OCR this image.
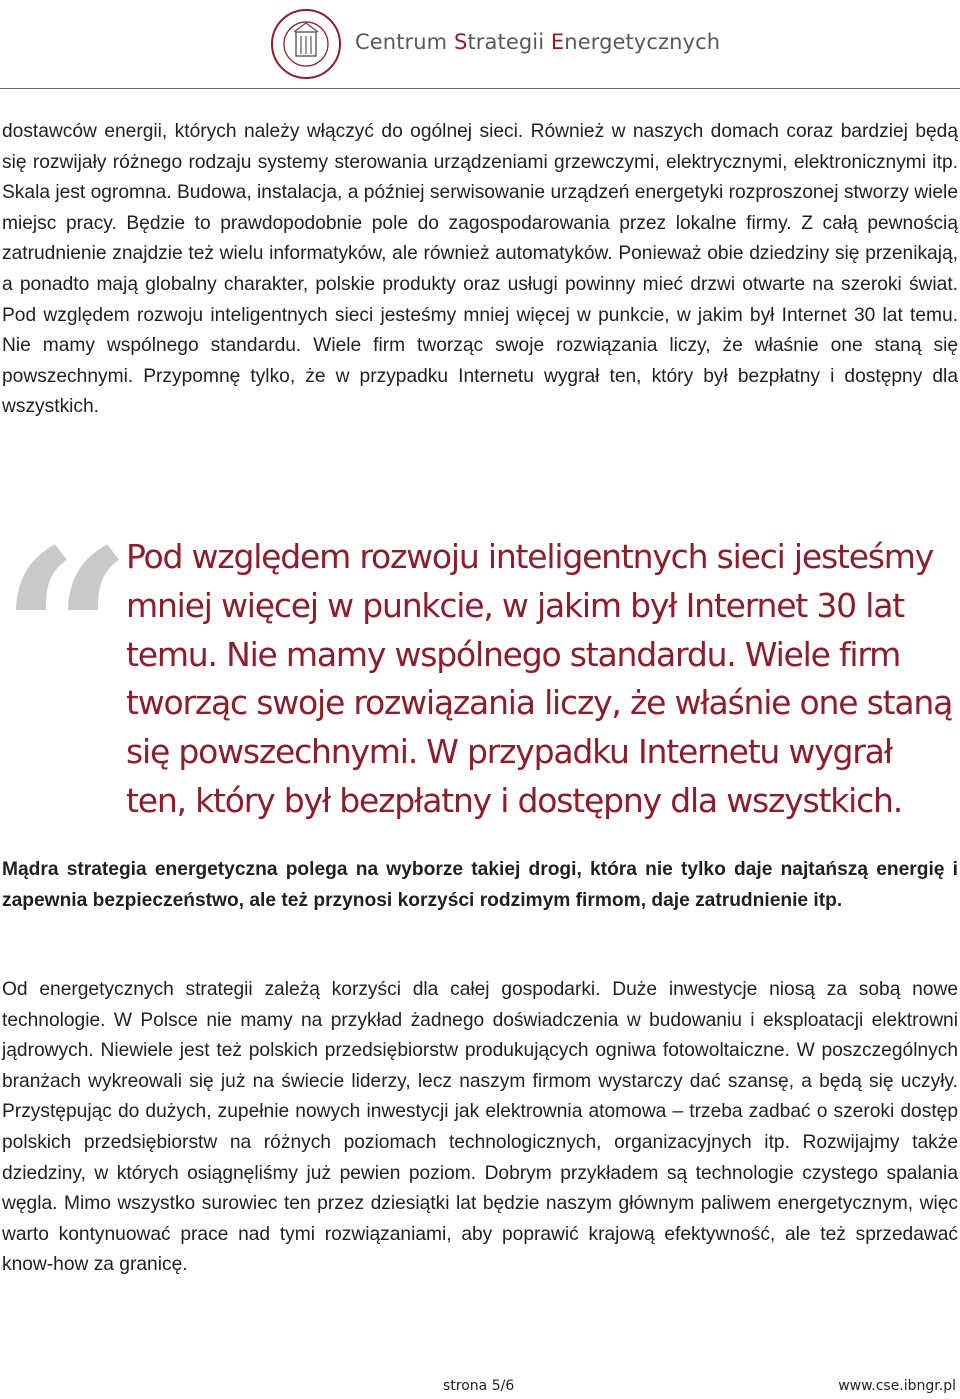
Centrum Strategii Energetycznych

dostawców energii, których należy włączyć do ogólnej sieci. Również w naszych domach coraz bardziej będą się rozwijały różnego rodzaju systemy sterowania urządzeniami grzewczymi, elektrycznymi, elektronicznymi itp. Skala jest ogromna. Budowa, instalacja, a później serwisowanie urządzeń energetyki rozproszonej stworzy wiele miejsc pracy. Będzie to prawdopodobnie pole do zagospodarowania przez lokalne firmy. Z całą pewnością zatrudnienie znajdzie też wielu informatyków, ale również automatyków. Ponieważ obie dziedziny się przenikają, a ponadto mają globalny charakter, polskie produkty oraz usługi powinny mieć drzwi otwarte na szeroki świat. Pod względem rozwoju inteligentnych sieci jesteśmy mniej więcej w punkcie, w jakim był Internet 30 lat temu. Nie mamy wspólnego standardu. Wiele firm tworząc swoje rozwiązania liczy, że właśnie one staną się powszechnymi. Przypomnę tylko, że w przypadku Internetu wygrał ten, który był bezpłatny i dostępny dla wszystkich.

“

Pod względem rozwoju inteligentnych sieci jesteśmy mniej więcej w punkcie, w jakim był Internet 30 lat temu. Nie mamy wspólnego standardu. Wiele firm tworząc swoje rozwiązania liczy, że właśnie one staną się powszechnymi. W przypadku Internetu wygrał ten, który był bezpłatny i dostępny dla wszystkich.

Mądra strategia energetyczna polega na wyborze takiej drogi, która nie tylko daje najtańszą energię i zapewnia bezpieczeństwo, ale też przynosi korzyści rodzimym firmom, daje zatrudnienie itp.

Od energetycznych strategii zależą korzyści dla całej gospodarki. Duże inwestycje niosą za sobą nowe technologie. W Polsce nie mamy na przykład żadnego doświadczenia w budowaniu i eksploatacji elektrowni jądrowych. Niewiele jest też polskich przedsiębiorstw produkujących ogniwa fotowoltaiczne. W poszczególnych branżach wykreowali się już na świecie liderzy, lecz naszym firmom wystarczy dać szansę, a będą się uczyły. Przystępując do dużych, zupełnie nowych inwestycji jak elektrownia atomowa – trzeba zadbać o szeroki dostęp polskich przedsiębiorstw na różnych poziomach technologicznych, organizacyjnych itp. Rozwijajmy także dziedziny, w których osiągnęliśmy już pewien poziom. Dobrym przykładem są technologie czystego spalania węgla. Mimo wszystko surowiec ten przez dziesiątki lat będzie naszym głównym paliwem energetycznym, więc warto kontynuować prace nad tymi rozwiązaniami, aby poprawić krajową efektywność, ale też sprzedawać know-how za granicę.

strona 5/6	www.cse.ibngr.pl
